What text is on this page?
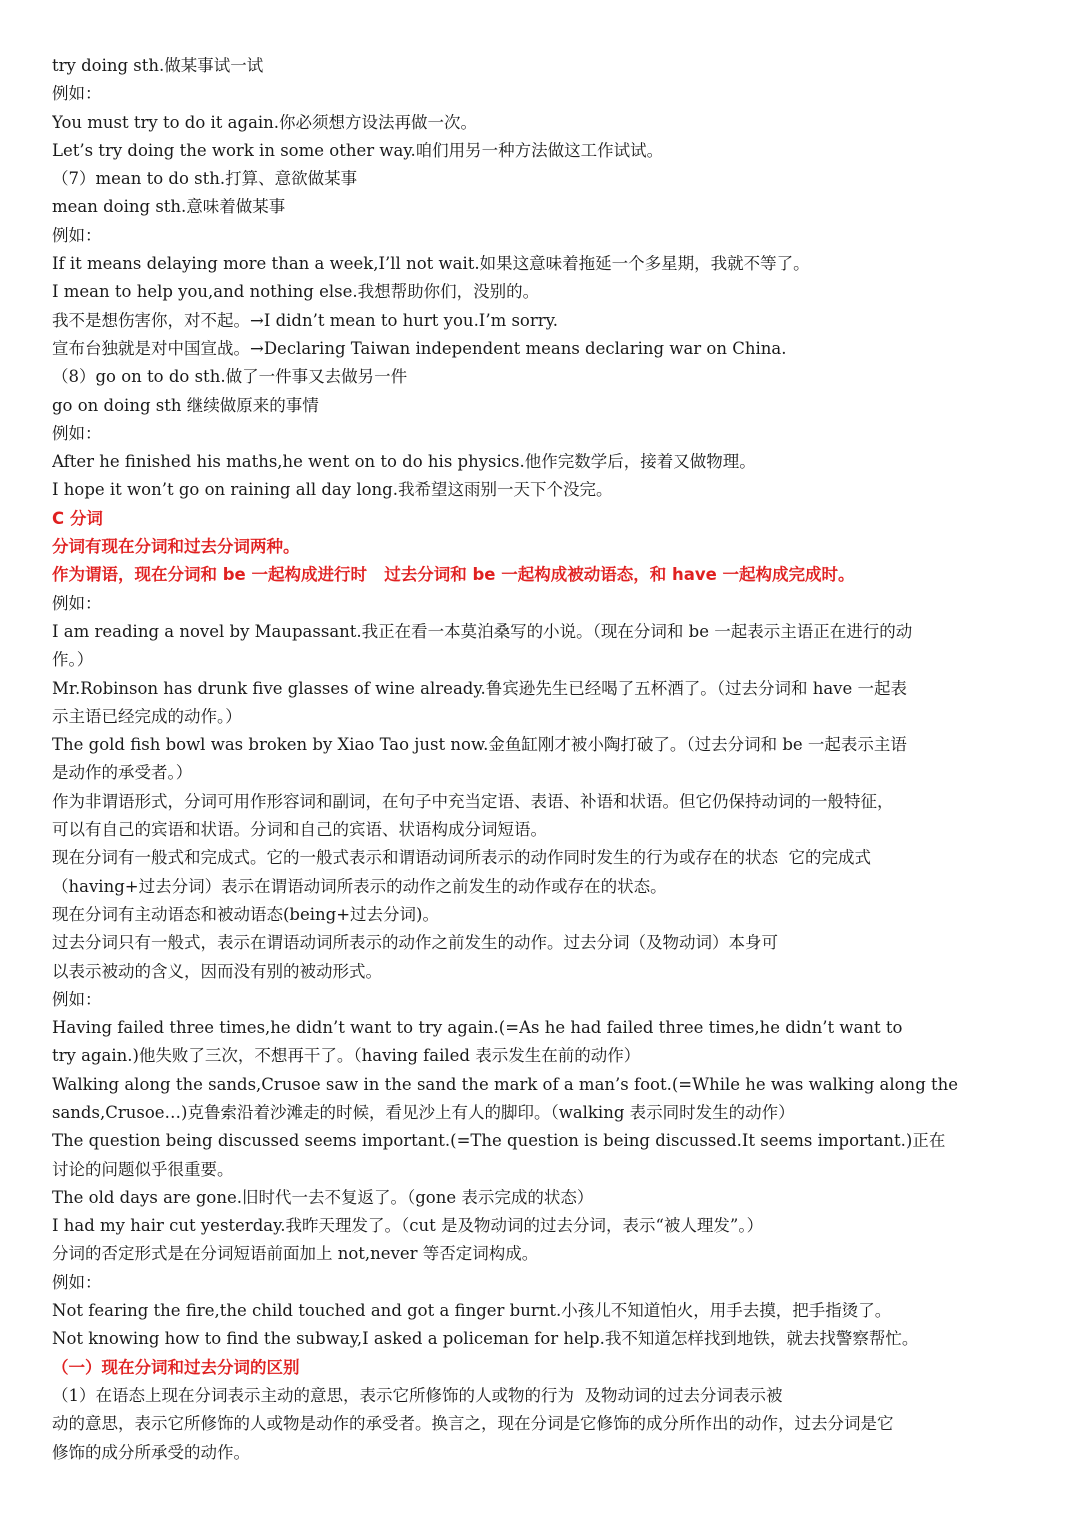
try doing sth.做某事试一试
例如：
You must try to do it again.你必须想方设法再做一次。
Let’s try doing the work in some other way.咱们用另一种方法做这工作试试。
（7）mean to do sth.打算、意欲做某事
mean doing sth.意味着做某事
例如：
If it means delaying more than a week,I’ll not wait.如果这意味着拖延一个多星期，我就不等了。
I mean to help you,and nothing else.我想帮助你们，没别的。
我不是想伤害你，对不起。→I didn’t mean to hurt you.I’m sorry.
宣布台独就是对中国宣战。→Declaring Taiwan independent means declaring war on China.
（8）go on to do sth.做了一件事又去做另一件
go on doing sth 继续做原来的事情
例如：
After he finished his maths,he went on to do his physics.他作完数学后，接着又做物理。
I hope it won’t go on raining all day long.我希望这雨别一天下个没完。
C 分词
分词有现在分词和过去分词两种。
作为谓语，现在分词和 be 一起构成进行时   过去分词和 be 一起构成被动语态，和 have 一起构成完成时。
例如：
I am reading a novel by Maupassant.我正在看一本莫泊桑写的小说。（现在分词和 be 一起表示主语正在进行的动
作。）
Mr.Robinson has drunk five glasses of wine already.鲁宾逊先生已经喝了五杯酒了。（过去分词和 have 一起表
示主语已经完成的动作。）
The gold fish bowl was broken by Xiao Tao just now.金鱼缸刚才被小陶打破了。（过去分词和 be 一起表示主语
是动作的承受者。）
作为非谓语形式，分词可用作形容词和副词，在句子中充当定语、表语、补语和状语。但它仍保持动词的一般特征，
可以有自己的宾语和状语。分词和自己的宾语、状语构成分词短语。
现在分词有一般式和完成式。它的一般式表示和谓语动词所表示的动作同时发生的行为或存在的状态  它的完成式
（having+过去分词）表示在谓语动词所表示的动作之前发生的动作或存在的状态。
现在分词有主动语态和被动语态(being+过去分词)。
过去分词只有一般式，表示在谓语动词所表示的动作之前发生的动作。过去分词（及物动词）本身可
以表示被动的含义，因而没有别的被动形式。
例如：
Having failed three times,he didn’t want to try again.(=As he had failed three times,he didn’t want to
try again.)他失败了三次，不想再干了。（having failed 表示发生在前的动作）
Walking along the sands,Crusoe saw in the sand the mark of a man’s foot.(=While he was walking along the
sands,Crusoe…)克鲁索沿着沙滩走的时候，看见沙上有人的脚印。（walking 表示同时发生的动作）
The question being discussed seems important.(=The question is being discussed.It seems important.)正在
讨论的问题似乎很重要。
The old days are gone.旧时代一去不复返了。（gone 表示完成的状态）
I had my hair cut yesterday.我昨天理发了。（cut 是及物动词的过去分词，表示“被人理发”。）
分词的否定形式是在分词短语前面加上 not,never 等否定词构成。
例如：
Not fearing the fire,the child touched and got a finger burnt.小孩儿不知道怕火，用手去摸，把手指烫了。
Not knowing how to find the subway,I asked a policeman for help.我不知道怎样找到地铁，就去找警察帮忙。
（一）现在分词和过去分词的区别
（1）在语态上现在分词表示主动的意思，表示它所修饰的人或物的行为  及物动词的过去分词表示被
动的意思，表示它所修饰的人或物是动作的承受者。换言之，现在分词是它修饰的成分所作出的动作，过去分词是它
修饰的成分所承受的动作。
